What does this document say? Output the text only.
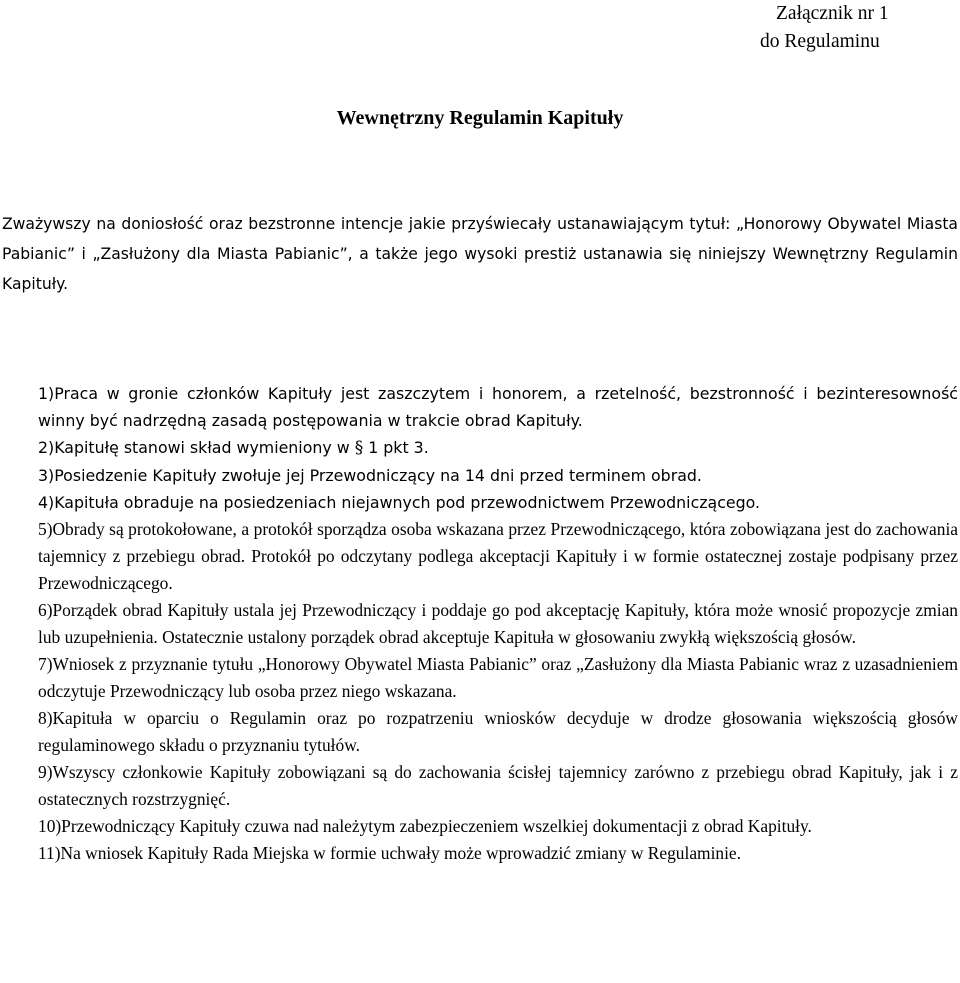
Załącznik nr 1
do Regulaminu
Wewnętrzny Regulamin Kapituły

Zważywszy na doniosłość oraz bezstronne intencje jakie przyświecały ustanawiającym tytuł: „Honorowy Obywatel Miasta Pabianic” i „Zasłużony dla Miasta Pabianic”, a także jego wysoki prestiż ustanawia się niniejszy Wewnętrzny Regulamin Kapituły.

1)Praca w gronie członków Kapituły jest zaszczytem i honorem, a rzetelność, bezstronność i bezinteresowność winny być nadrzędną zasadą postępowania w trakcie obrad Kapituły.
2)Kapitułę stanowi skład wymieniony w § 1 pkt 3.
3)Posiedzenie Kapituły zwołuje jej Przewodniczący na 14 dni przed terminem obrad.
4)Kapituła obraduje na posiedzeniach niejawnych pod przewodnictwem Przewodniczącego.
5)Obrady są protokołowane, a protokół sporządza osoba wskazana przez Przewodniczącego, która zobowiązana jest do zachowania tajemnicy z przebiegu obrad. Protokół po odczytany podlega akceptacji Kapituły i w formie ostatecznej zostaje podpisany przez Przewodniczącego.
6)Porządek obrad Kapituły ustala jej Przewodniczący i poddaje go pod akceptację Kapituły, która może wnosić propozycje zmian lub uzupełnienia. Ostatecznie ustalony porządek obrad akceptuje Kapituła w głosowaniu zwykłą większością głosów.
7)Wniosek z przyznanie tytułu „Honorowy Obywatel Miasta Pabianic” oraz „Zasłużony dla Miasta Pabianic wraz z uzasadnieniem odczytuje Przewodniczący lub osoba przez niego wskazana.
8)Kapituła w oparciu o Regulamin oraz po rozpatrzeniu wniosków decyduje w drodze głosowania większością głosów regulaminowego składu o przyznaniu tytułów.
9)Wszyscy członkowie Kapituły zobowiązani są do zachowania ścisłej tajemnicy zarówno z przebiegu obrad Kapituły, jak i z ostatecznych rozstrzygnięć.
10)Przewodniczący Kapituły czuwa nad należytym zabezpieczeniem wszelkiej dokumentacji z obrad Kapituły.
11)Na wniosek Kapituły Rada Miejska w formie uchwały może wprowadzić zmiany w Regulaminie.
